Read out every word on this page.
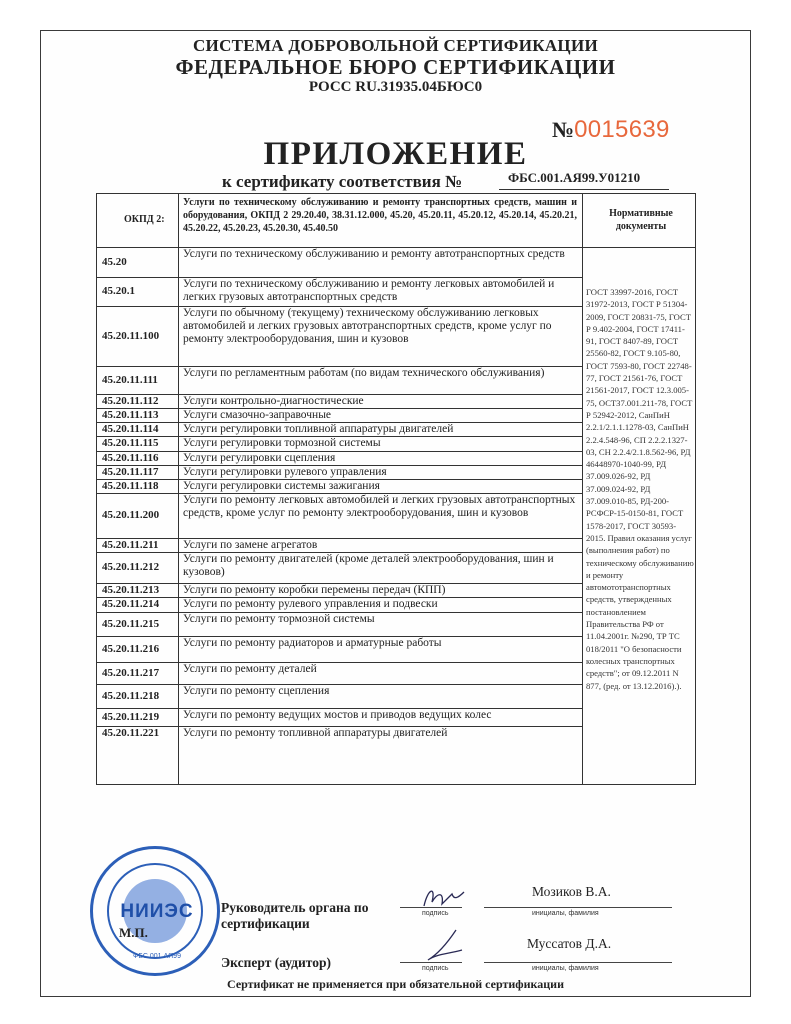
СИСТЕМА ДОБРОВОЛЬНОЙ СЕРТИФИКАЦИИ
ФЕДЕРАЛЬНОЕ БЮРО СЕРТИФИКАЦИИ
РОСС RU.31935.04БЮС0
№0015639
ПРИЛОЖЕНИЕ
к сертификату соответствия №	ФБС.001.АЯ99.У01210
ОКПД 2:
Услуги по техническому обслуживанию и ремонту транспортных средств, машин и оборудования, ОКПД 2 29.20.40, 38.31.12.000, 45.20, 45.20.11, 45.20.12, 45.20.14, 45.20.21, 45.20.22, 45.20.23, 45.20.30, 45.40.50
Нормативные документы
45.20
Услуги по техническому обслуживанию и ремонту автотранспортных средств
45.20.1
Услуги по техническому обслуживанию и ремонту легковых автомобилей и легких грузовых автотранспортных средств
45.20.11.100
Услуги по обычному (текущему) техническому обслуживанию легковых автомобилей и легких грузовых автотранспортных средств, кроме услуг по ремонту электрооборудования, шин и кузовов
45.20.11.111
Услуги по регламентным работам (по видам технического обслуживания)
45.20.11.112	Услуги контрольно-диагностические
45.20.11.113	Услуги смазочно-заправочные
45.20.11.114	Услуги регулировки топливной аппаратуры двигателей
45.20.11.115	Услуги регулировки тормозной системы
45.20.11.116	Услуги регулировки сцепления
45.20.11.117	Услуги регулировки рулевого управления
45.20.11.118	Услуги регулировки системы зажигания
45.20.11.200
Услуги по ремонту легковых автомобилей и легких грузовых автотранспортных средств, кроме услуг по ремонту электрооборудования, шин и кузовов
45.20.11.211	Услуги по замене агрегатов
45.20.11.212
Услуги по ремонту двигателей (кроме деталей электрооборудования, шин и кузовов)
45.20.11.213	Услуги по ремонту коробки перемены передач (КПП)
45.20.11.214	Услуги по ремонту рулевого управления и подвески
45.20.11.215	Услуги по ремонту тормозной системы
45.20.11.216	Услуги по ремонту радиаторов и арматурные работы
45.20.11.217	Услуги по ремонту деталей
45.20.11.218	Услуги по ремонту сцепления
45.20.11.219	Услуги по ремонту ведущих мостов и приводов ведущих колес
45.20.11.221	Услуги по ремонту топливной аппаратуры двигателей
НИИЭС
М.П.
ФБС.001.АЯ99
Руководитель органа по сертификации
подпись
Мозиков В.А.
инициалы, фамилия
Эксперт (аудитор)	подпись
Муссатов Д.А.
инициалы, фамилия
Сертификат не применяется при обязательной сертификации
ГОСТ 33997-2016, ГОСТ 31972-2013, ГОСТ Р 51304-2009, ГОСТ 20831-75, ГОСТ Р 9.402-2004, ГОСТ 17411-91, ГОСТ 8407-89, ГОСТ 25560-82, ГОСТ 9.105-80, ГОСТ 7593-80, ГОСТ 22748-77, ГОСТ 21561-76, ГОСТ 21561-2017, ГОСТ 12.3.005-75, ОСТ37.001.211-78, ГОСТ Р 52942-2012, СанПиН 2.2.1/2.1.1.1278-03, СанПиН 2.2.4.548-96, СП 2.2.2.1327-03, СН 2.2.4/2.1.8.562-96, РД 46448970-1040-99, РД 37.009.026-92, РД 37.009.024-92, РД 37.009.010-85, РД-200-РСФСР-15-0150-81, ГОСТ 1578-2017, ГОСТ 30593-2015. Правил оказания услуг (выполнения работ) по техническому обслуживанию и ремонту автомототранспортных средств, утвержденных постановлением Правительства РФ от 11.04.2001г. №290, ТР ТС 018/2011 "О безопасности колесных транспортных средств"; от 09.12.2011 N 877, (ред. от 13.12.2016).).
